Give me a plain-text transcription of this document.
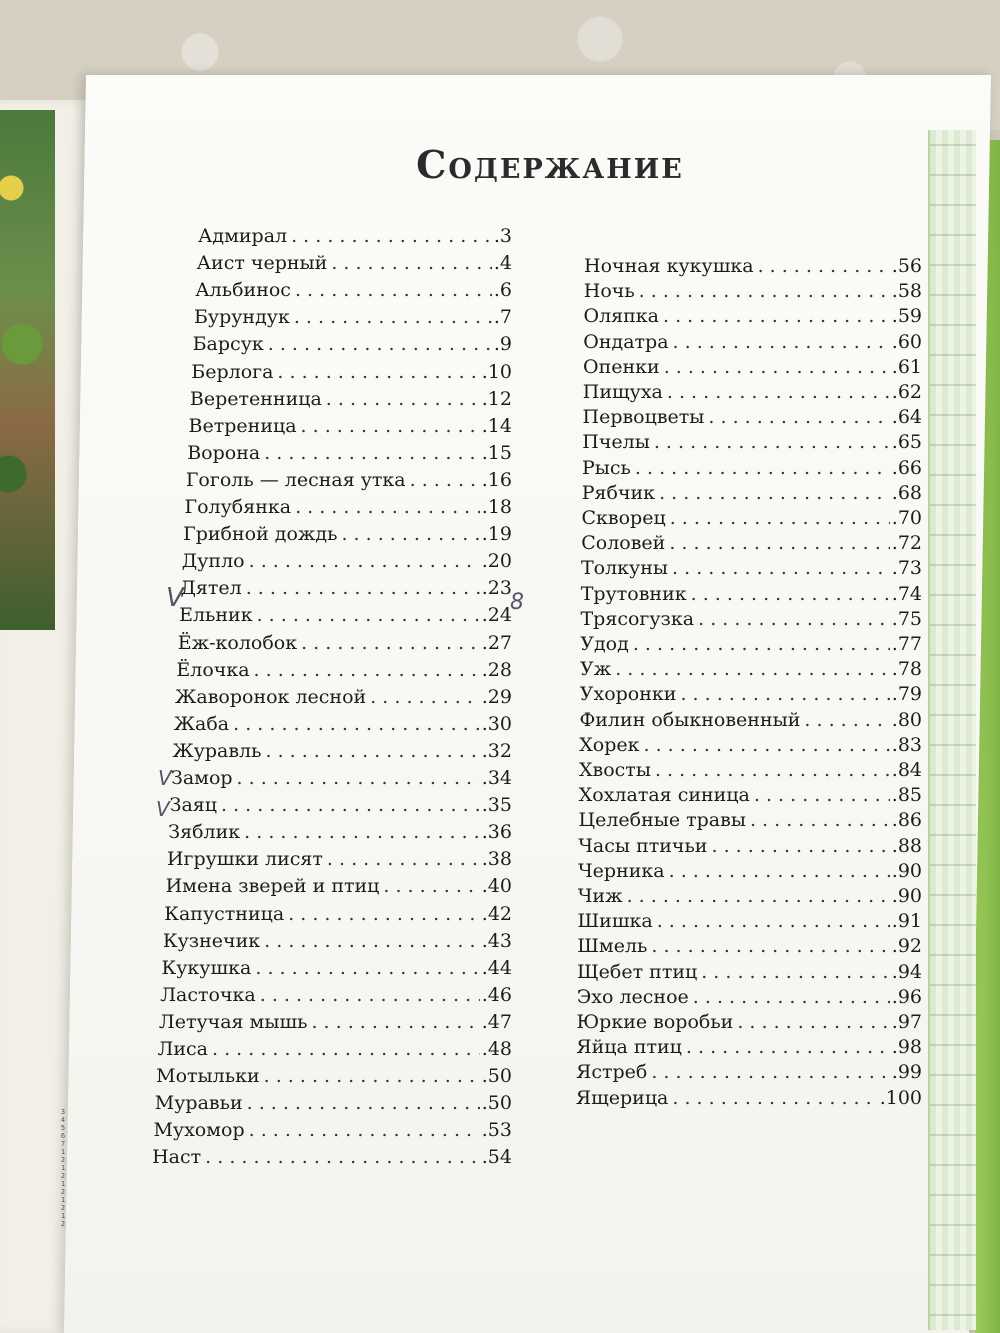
3 4 5 6 7 1 2 1 2 1 2 1 2 1 2
Содержание
Адмирал . . .	.3
Аист черный . . .	.4
Альбинос . . .	.6
Бурундук . . .	.7
Барсук . . .	.9
Берлога . . .	.10
Веретенница . . .	.12
Ветреница . . .	.14
Ворона . . .	.15
Гоголь — лесная утка . . .	.16
Голубянка . . .	.18
Грибной дождь . . .	.19
Дупло . . .	.20
Дятел . . .	.23
Ельник . . .	.24
Ёж-колобок . . .	.27
Ёлочка . . .	.28
Жаворонок лесной . . .	.29
Жаба . . .	.30
Журавль . . .	.32
Замор . . .	.34
Заяц . . .	.35
Зяблик . . .	.36
Игрушки лисят . . .	.38
Имена зверей и птиц . . .	.40
Капустница . . .	.42
Кузнечик . . .	.43
Кукушка . . .	.44
Ласточка . . .	.46
Летучая мышь . . .	.47
Лиса . . .	.48
Мотыльки . . .	.50
Муравьи . . .	.50
Мухомор . . .	.53
Наст . . .	.54
Ночная кукушка . . .	.56
Ночь . . .	.58
Оляпка . . .	.59
Ондатра . . .	.60
Опенки . . .	.61
Пищуха . . .	.62
Первоцветы . . .	.64
Пчелы . . .	.65
Рысь . . .	.66
Рябчик . . .	.68
Скворец . . .	.70
Соловей . . .	.72
Толкуны . . .	.73
Трутовник . . .	.74
Трясогузка . . .	.75
Удод . . .	.77
Уж . . .	.78
Ухоронки . . .	.79
Филин обыкновенный . . .	.80
Хорек . . .	.83
Хвосты . . .	.84
Хохлатая синица . . .	.85
Целебные травы . . .	.86
Часы птичьи . . .	.88
Черника . . .	.90
Чиж . . .	.90
Шишка . . .	.91
Шмель . . .	.92
Щебет птиц . . .	.94
Эхо лесное . . .	.96
Юркие воробьи . . .	.97
Яйца птиц . . .	.98
Ястреб . . .	.99
Ящерица . . .	.100
V	8
V
V
